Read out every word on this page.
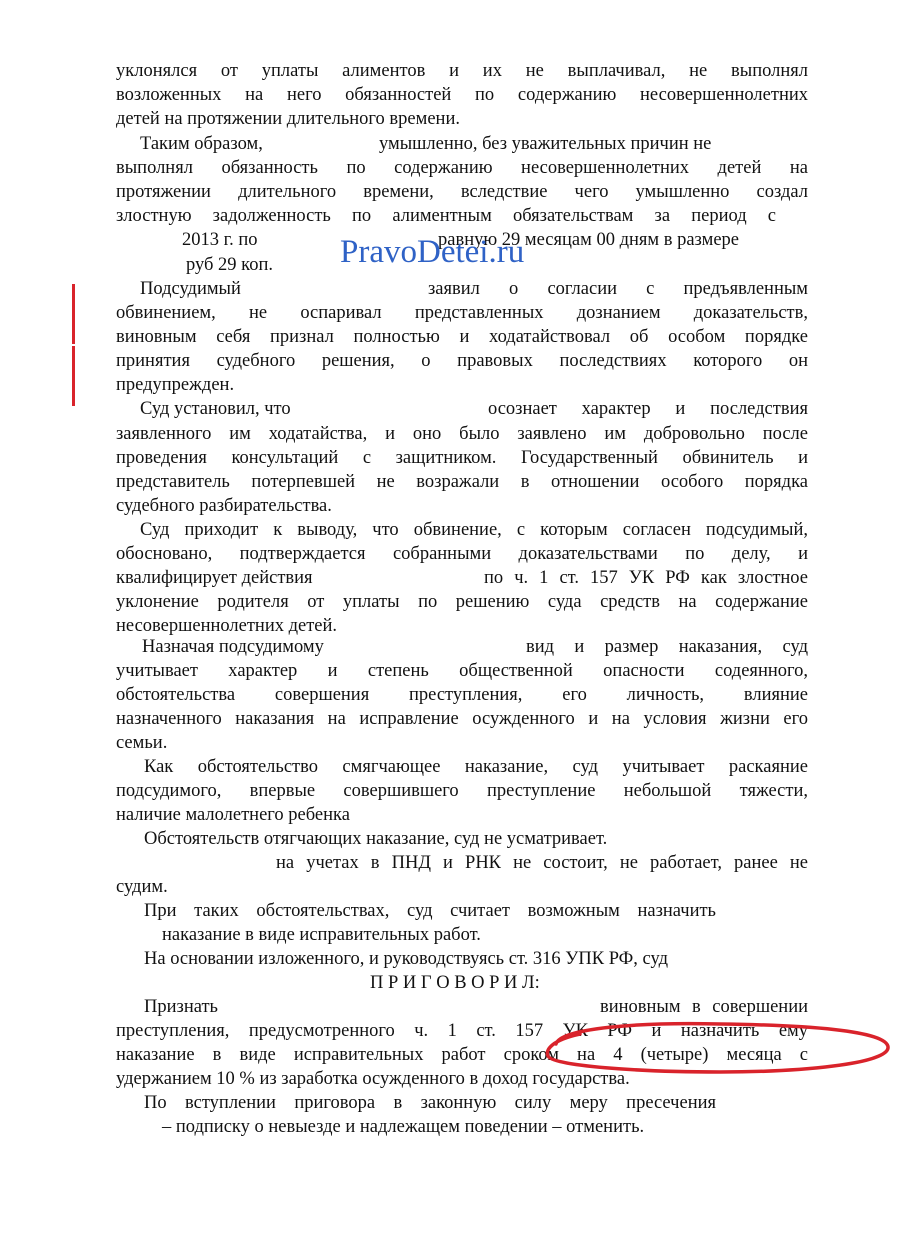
уклонялся от уплаты алиментов и их не выплачивал, не выполнял
возложенных на него обязанностей по содержанию несовершеннолетних
детей на протяжении длительного времени.
Таким образом,	умышленно, без уважительных причин не
выполнял обязанность по содержанию несовершеннолетних детей на
протяжении длительного времени, вследствие чего умышленно создал
злостную задолженность по алиментным обязательствам за период с
2013 г. по	равную 29 месяцам 00 дням в размере
руб 29 коп.
Подсудимый	заявил о согласии с предъявленным
обвинением, не оспаривал представленных дознанием доказательств,
виновным себя признал полностью и ходатайствовал об особом порядке
принятия судебного решения, о правовых последствиях которого он
предупрежден.
Суд установил, что	осознает характер и последствия
заявленного им ходатайства, и оно было заявлено им добровольно после
проведения консультаций с защитником. Государственный обвинитель и
представитель потерпевшей не возражали в отношении особого порядка
судебного разбирательства.
Суд приходит к выводу, что обвинение, с которым согласен подсудимый,
обосновано, подтверждается собранными доказательствами по делу, и
квалифицирует действия	по ч. 1 ст. 157 УК РФ как злостное
уклонение родителя от уплаты по решению суда средств на содержание
несовершеннолетних детей.
Назначая подсудимому	вид и размер наказания, суд
учитывает характер и степень общественной опасности содеянного,
обстоятельства совершения преступления, его личность, влияние
назначенного наказания на исправление осужденного и на условия жизни его
семьи.
Как обстоятельство смягчающее наказание, суд учитывает раскаяние
подсудимого, впервые совершившего преступление небольшой тяжести,
наличие малолетнего ребенка
Обстоятельств отягчающих наказание, суд не усматривает.
на учетах в ПНД и РНК не состоит, не работает, ранее не
судим.
При таких обстоятельствах, суд считает возможным назначить
наказание в виде исправительных работ.
На основании изложенного, и руководствуясь ст. 316 УПК РФ, суд
П Р И Г О В О Р И Л:
Признать	виновным в совершении
преступления, предусмотренного ч. 1 ст. 157 УК РФ и назначить ему
наказание в виде исправительных работ сроком на 4 (четыре) месяца с
удержанием 10 % из заработка осужденного в доход государства.
По вступлении приговора в законную силу меру пресечения
– подписку о невыезде и надлежащем поведении – отменить.
PravoDetei.ru
